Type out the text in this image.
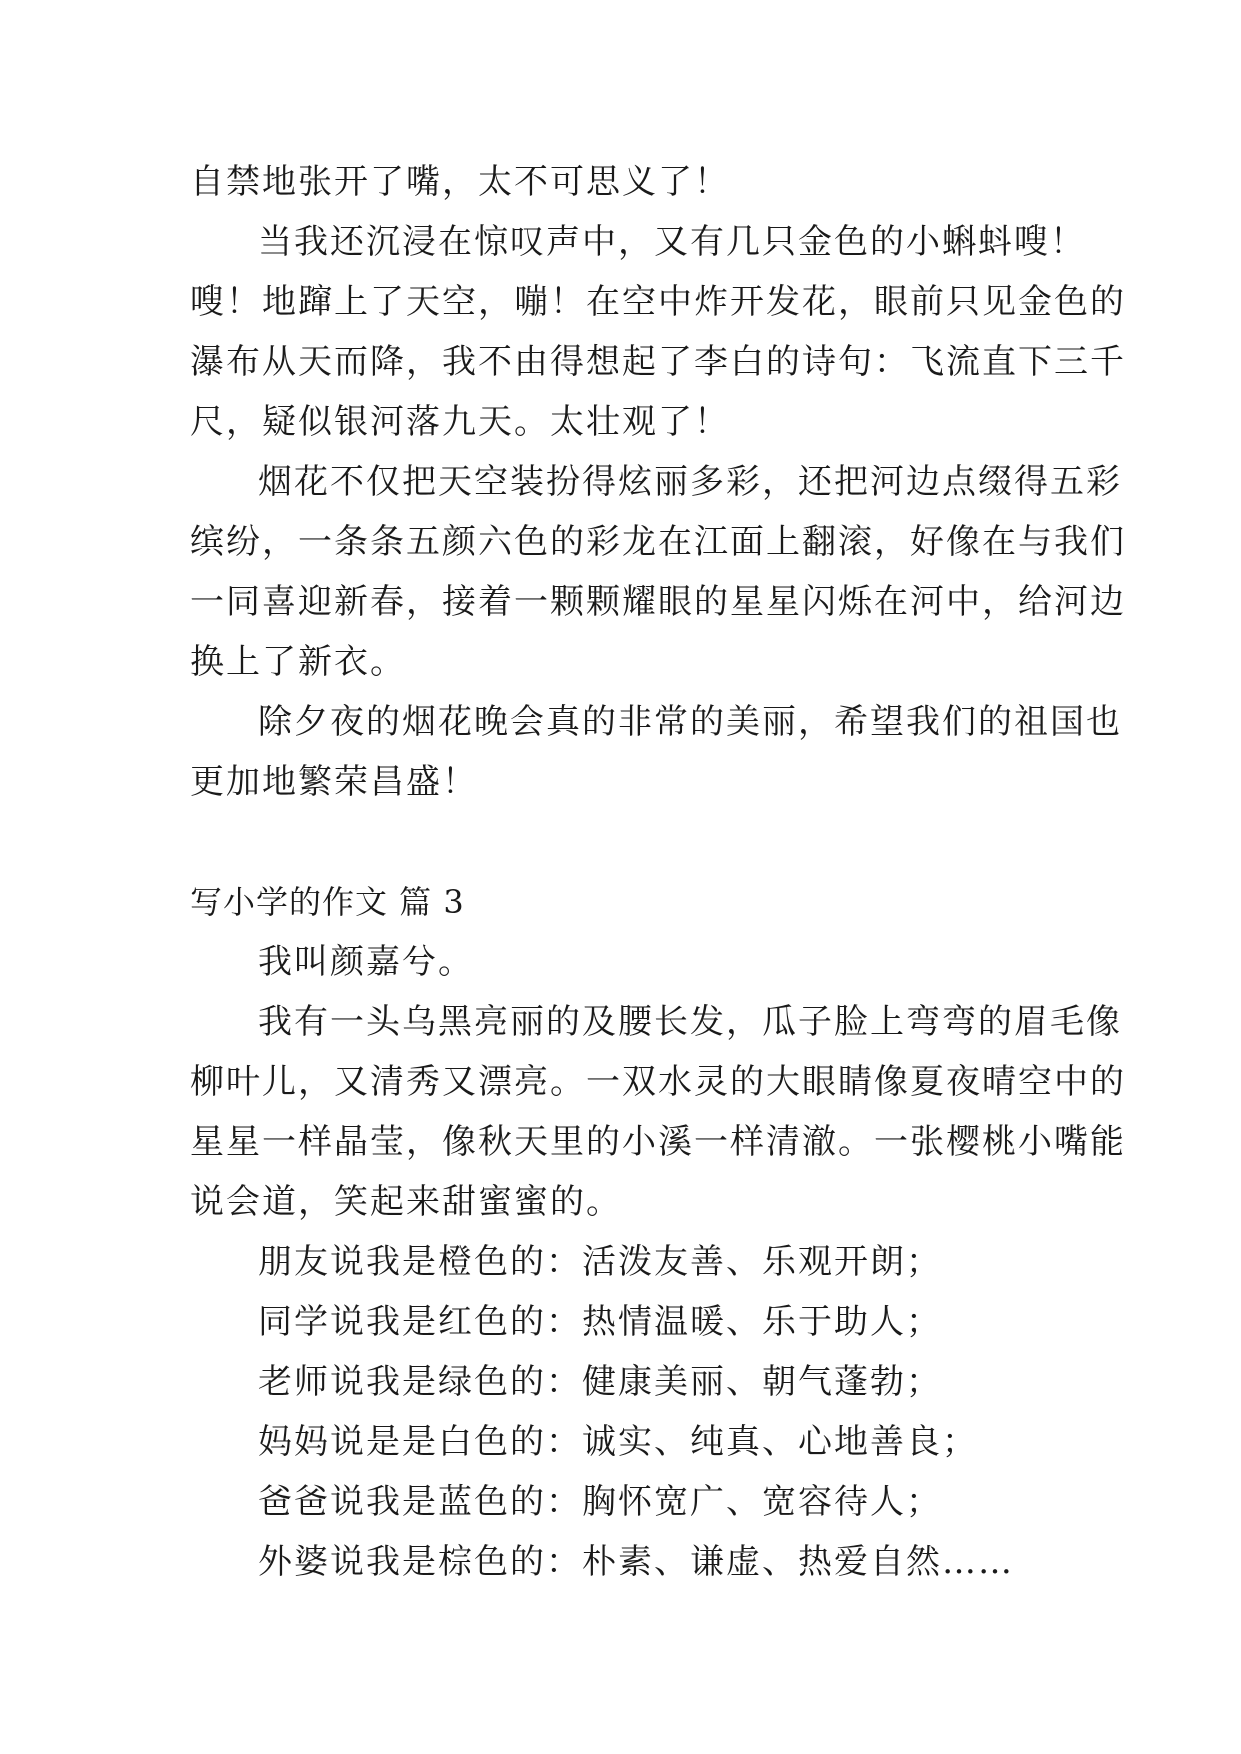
自禁地张开了嘴，太不可思义了！
当我还沉浸在惊叹声中，又有几只金色的小蝌蚪嗖！
嗖！地蹿上了天空，嘣！在空中炸开发花，眼前只见金色的
瀑布从天而降，我不由得想起了李白的诗句：飞流直下三千
尺，疑似银河落九天。太壮观了！
烟花不仅把天空装扮得炫丽多彩，还把河边点缀得五彩
缤纷，一条条五颜六色的彩龙在江面上翻滚，好像在与我们
一同喜迎新春，接着一颗颗耀眼的星星闪烁在河中，给河边
换上了新衣。
除夕夜的烟花晚会真的非常的美丽，希望我们的祖国也
更加地繁荣昌盛！
写小学的作文 篇 3
我叫颜嘉兮。
我有一头乌黑亮丽的及腰长发，瓜子脸上弯弯的眉毛像
柳叶儿，又清秀又漂亮。一双水灵的大眼睛像夏夜晴空中的
星星一样晶莹，像秋天里的小溪一样清澈。一张樱桃小嘴能
说会道，笑起来甜蜜蜜的。
朋友说我是橙色的：活泼友善、乐观开朗；
同学说我是红色的：热情温暖、乐于助人；
老师说我是绿色的：健康美丽、朝气蓬勃；
妈妈说是是白色的：诚实、纯真、心地善良；
爸爸说我是蓝色的：胸怀宽广、宽容待人；
外婆说我是棕色的：朴素、谦虚、热爱自然……
